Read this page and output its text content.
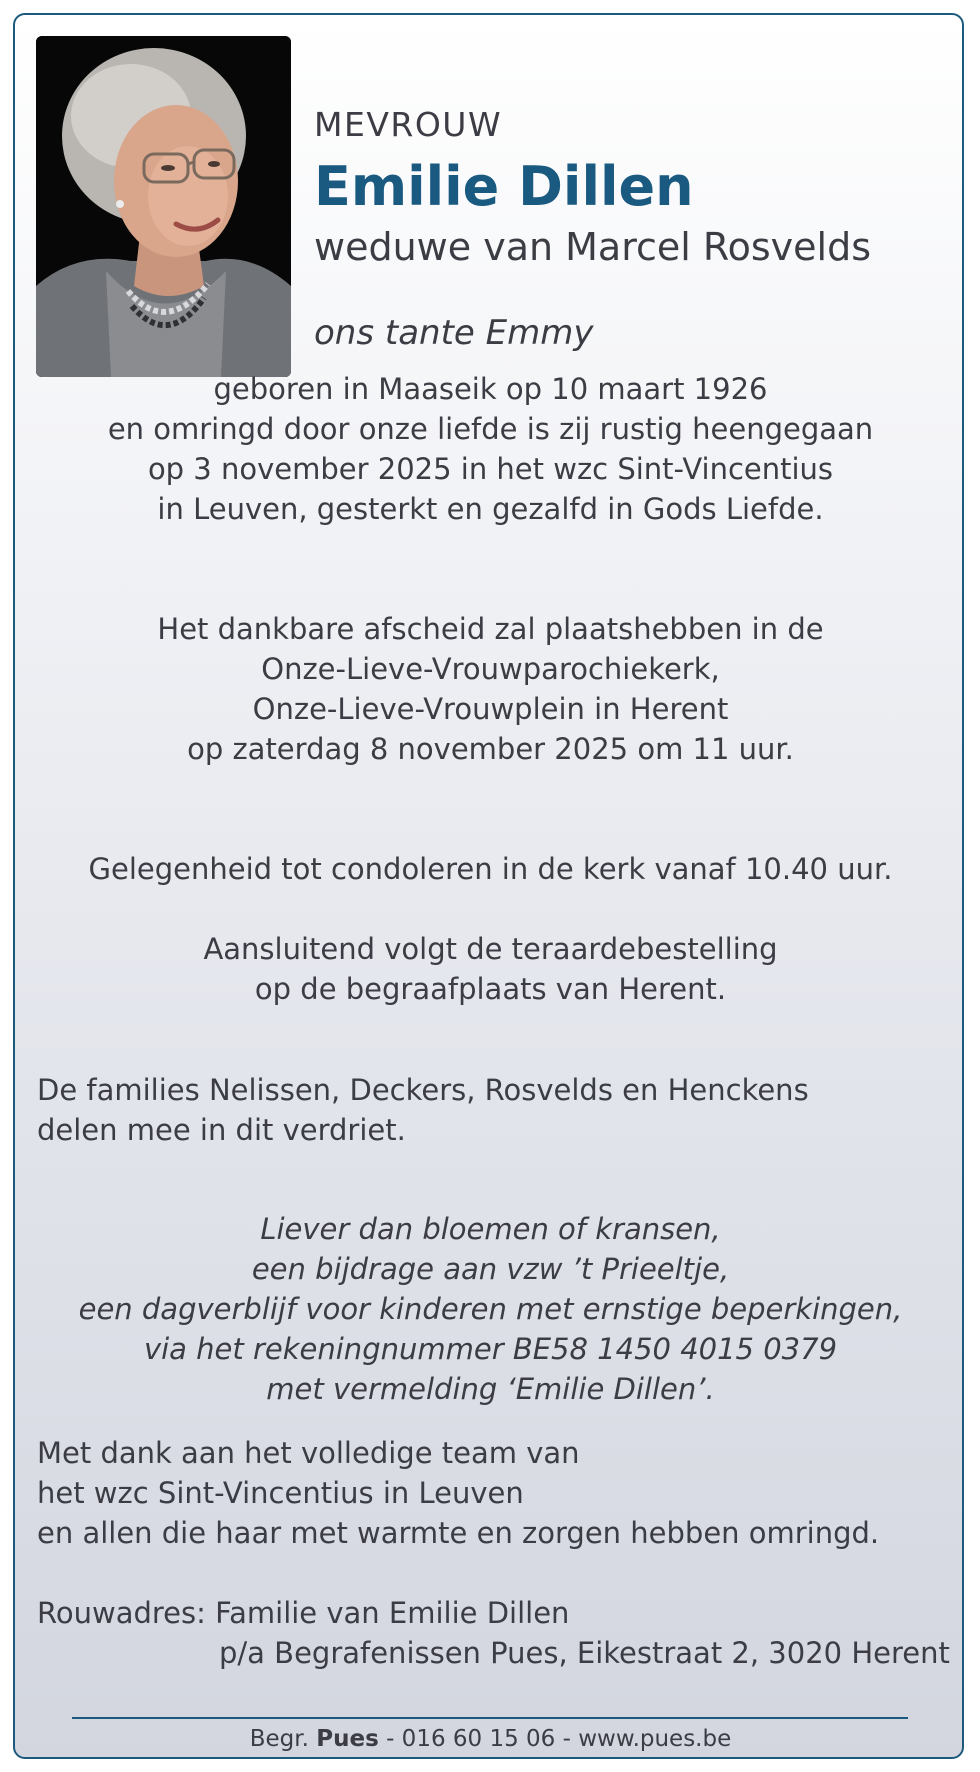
MEVROUW

Emilie Dillen

weduwe van Marcel Rosvelds

ons tante Emmy

geboren in Maaseik op 10 maart 1926
en omringd door onze liefde is zij rustig heengegaan
op 3 november 2025 in het wzc Sint-Vincentius
in Leuven, gesterkt en gezalfd in Gods Liefde.
Het dankbare afscheid zal plaatshebben in de
Onze-Lieve-Vrouwparochiekerk,
Onze-Lieve-Vrouwplein in Herent
op zaterdag 8 november 2025 om 11 uur.
Gelegenheid tot condoleren in de kerk vanaf 10.40 uur.
Aansluitend volgt de teraardebestelling
op de begraafplaats van Herent.
De families Nelissen, Deckers, Rosvelds en Henckens
delen mee in dit verdriet.
Liever dan bloemen of kransen,
een bijdrage aan vzw ’t Prieeltje,
een dagverblijf voor kinderen met ernstige beperkingen,
via het rekeningnummer BE58 1450 4015 0379
met vermelding ‘Emilie Dillen’.
Met dank aan het volledige team van
het wzc Sint-Vincentius in Leuven
en allen die haar met warmte en zorgen hebben omringd.
Rouwadres: Familie van Emilie Dillen
p/a Begrafenissen Pues, Eikestraat 2, 3020 Herent
Begr. Pues - 016 60 15 06 - www.pues.be
